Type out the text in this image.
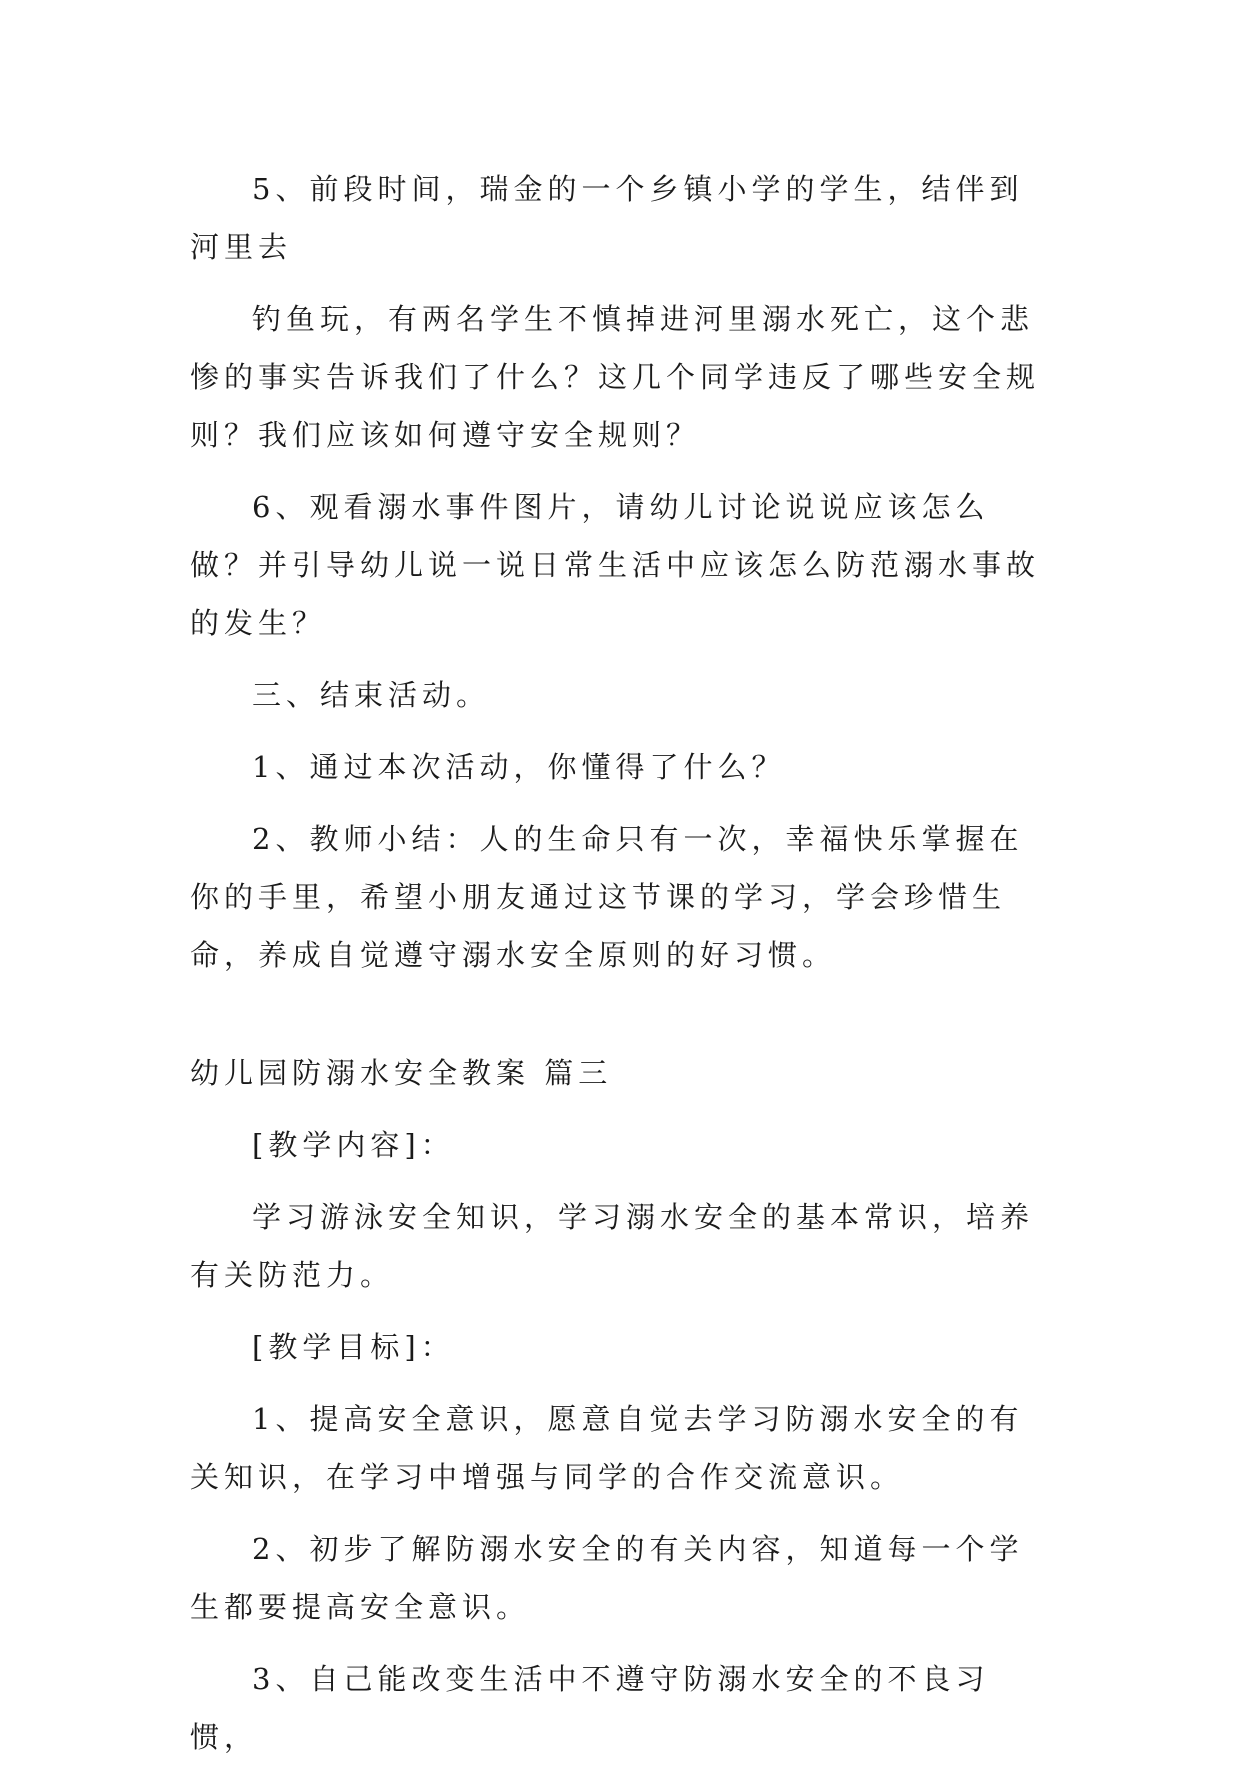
5、前段时间，瑞金的一个乡镇小学的学生，结伴到河里去

钓鱼玩，有两名学生不慎掉进河里溺水死亡，这个悲惨的事实告诉我们了什么？这几个同学违反了哪些安全规则？我们应该如何遵守安全规则？

6、观看溺水事件图片，请幼儿讨论说说应该怎么做？并引导幼儿说一说日常生活中应该怎么防范溺水事故的发生？

三、结束活动。

1、通过本次活动，你懂得了什么？

2、教师小结：人的生命只有一次，幸福快乐掌握在你的手里，希望小朋友通过这节课的学习，学会珍惜生命，养成自觉遵守溺水安全原则的好习惯。

幼儿园防溺水安全教案 篇三

[教学内容]：

学习游泳安全知识，学习溺水安全的基本常识，培养有关防范力。

[教学目标]：

1、提高安全意识，愿意自觉去学习防溺水安全的有关知识，在学习中增强与同学的合作交流意识。

2、初步了解防溺水安全的有关内容，知道每一个学生都要提高安全意识。

3、自己能改变生活中不遵守防溺水安全的不良习惯，
